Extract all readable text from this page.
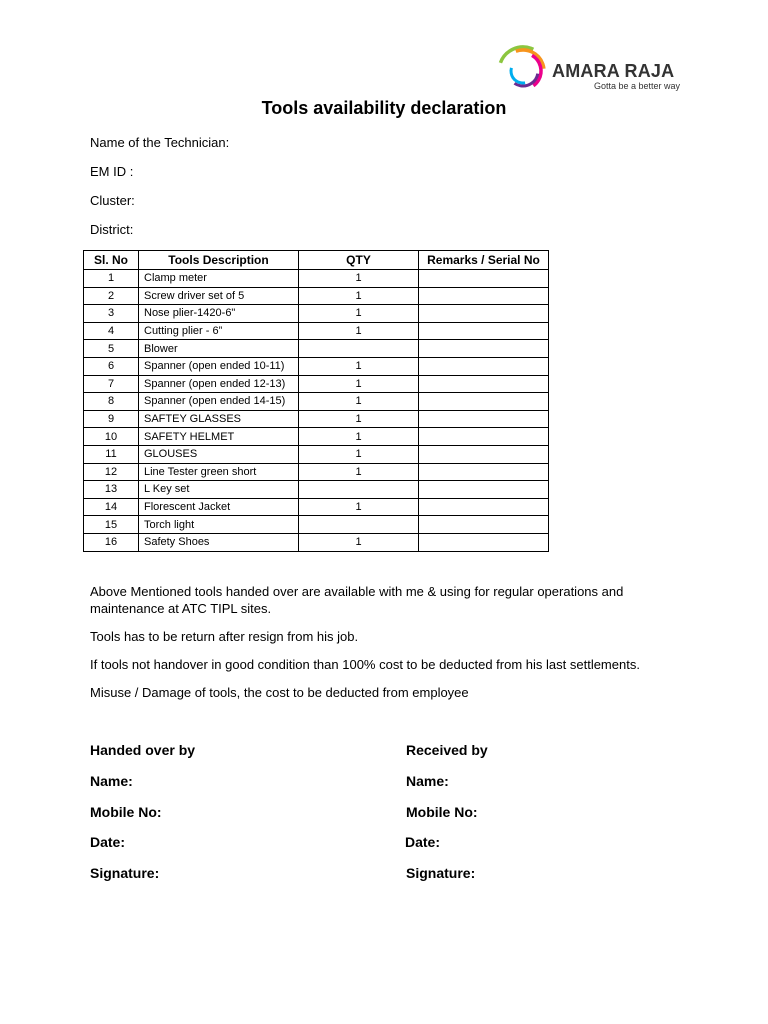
AMARA RAJA
Gotta be a better way
Tools availability declaration
Name of the Technician:
EM ID :
Cluster:
District:
Sl. No	Tools Description	QTY	Remarks / Serial No
1	Clamp meter	1	
2	Screw driver set of 5	1	
3	Nose plier-1420-6"	1	
4	Cutting plier - 6”	1	
5	Blower		
6	Spanner (open ended 10-11)	1	
7	Spanner (open ended 12-13)	1	
8	Spanner (open ended 14-15)	1	
9	SAFTEY GLASSES	1	
10	SAFETY HELMET	1	
11	GLOUSES	1	
12	Line Tester green short	1	
13	L Key set		
14	Florescent Jacket	1	
15	Torch light		
16	Safety Shoes	1	
Above Mentioned tools handed over are available with me & using for regular operations and maintenance at ATC TIPL sites.
Tools has to be return after resign from his job.
If tools not handover in good condition than 100% cost to be deducted from his last settlements.
Misuse / Damage of tools, the cost to be deducted from employee
Handed over by
Name:
Mobile No:
Date:
Signature:
Received by
Name:
Mobile No:
Date:
Signature:
